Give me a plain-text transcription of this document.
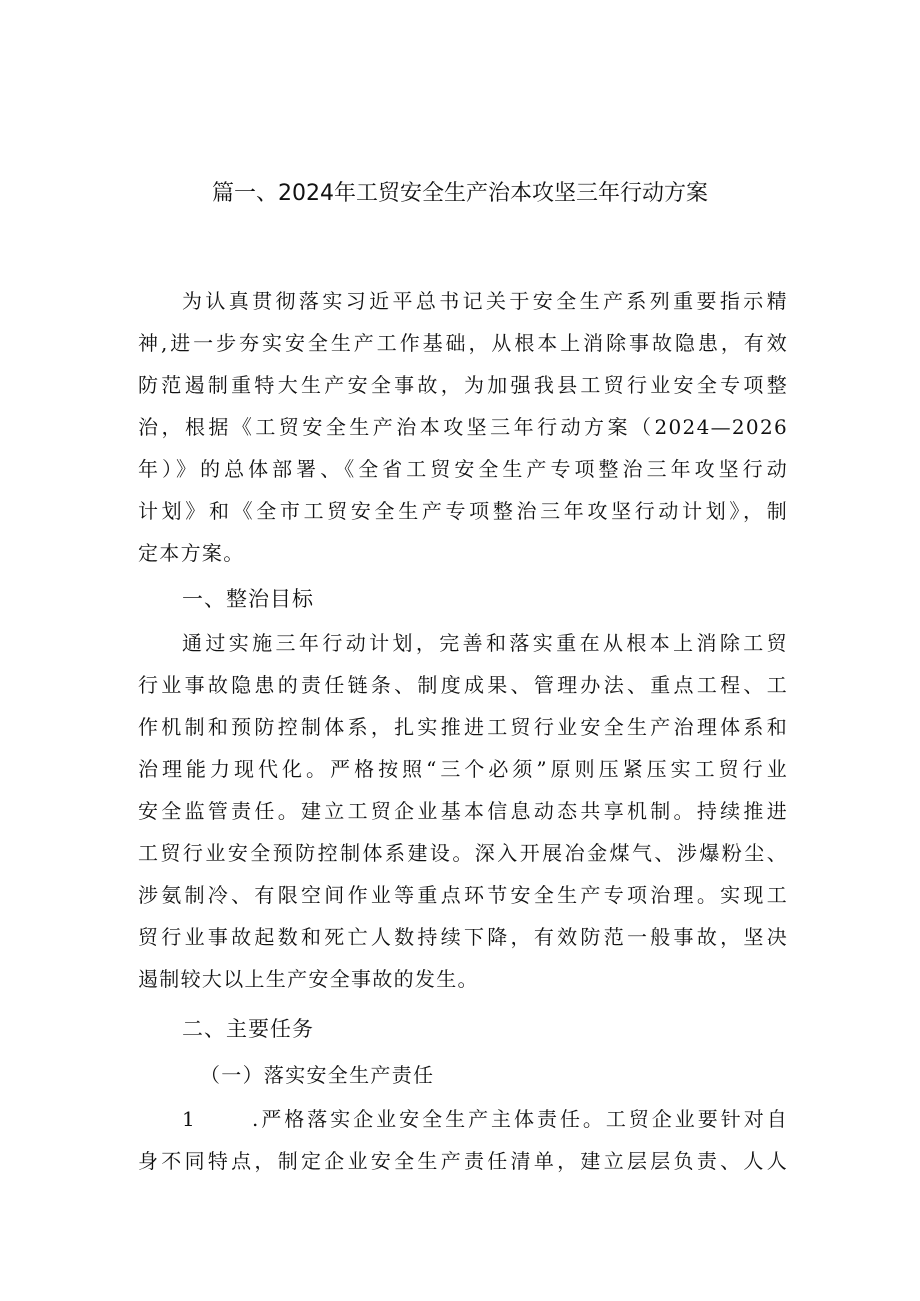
篇一、2024年工贸安全生产治本攻坚三年行动方案
为认真贯彻落实习近平总书记关于安全生产系列重要指示精
神,进一步夯实安全生产工作基础，从根本上消除事故隐患，有效
防范遏制重特大生产安全事故，为加强我县工贸行业安全专项整
治，根据《工贸安全生产治本攻坚三年行动方案（2024—2026
年）》的总体部署、《全省工贸安全生产专项整治三年攻坚行动
计划》和《全市工贸安全生产专项整治三年攻坚行动计划》，制
定本方案。
一、整治目标
通过实施三年行动计划，完善和落实重在从根本上消除工贸
行业事故隐患的责任链条、制度成果、管理办法、重点工程、工
作机制和预防控制体系，扎实推进工贸行业安全生产治理体系和
治理能力现代化。严格按照“三个必须”原则压紧压实工贸行业
安全监管责任。建立工贸企业基本信息动态共享机制。持续推进
工贸行业安全预防控制体系建设。深入开展冶金煤气、涉爆粉尘、
涉氨制冷、有限空间作业等重点环节安全生产专项治理。实现工
贸行业事故起数和死亡人数持续下降，有效防范一般事故，坚决
遏制较大以上生产安全事故的发生。
二、主要任务
（一）落实安全生产责任
1	.严格落实企业安全生产主体责任。工贸企业要针对自
身不同特点，制定企业安全生产责任清单，建立层层负责、人人
